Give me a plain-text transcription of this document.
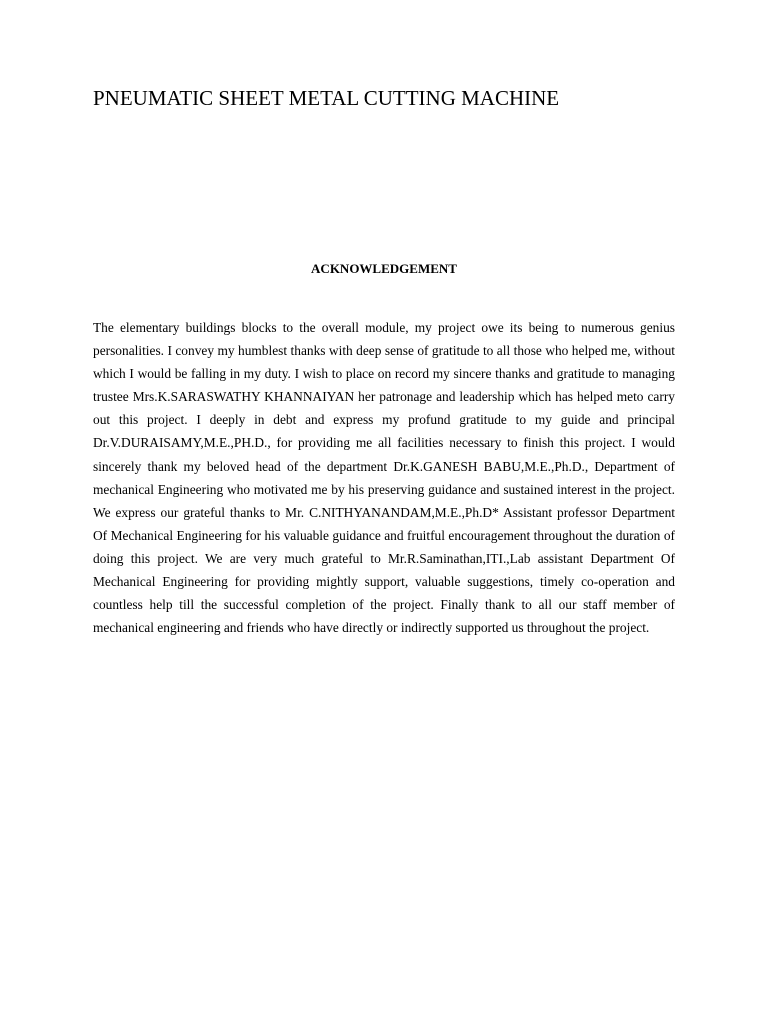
PNEUMATIC SHEET METAL CUTTING MACHINE
ACKNOWLEDGEMENT

The elementary buildings blocks to the overall module, my project owe its being to numerous genius personalities. I convey my humblest thanks with deep sense of gratitude to all those who helped me, without which I would be falling in my duty. I wish to place on record my sincere thanks and gratitude to managing trustee Mrs.K.SARASWATHY KHANNAIYAN her patronage and leadership which has helped meto carry out this project. I deeply in debt and express my profund gratitude to my guide and principal Dr.V.DURAISAMY,M.E.,PH.D., for providing me all facilities necessary to finish this project. I would sincerely thank my beloved head of the department Dr.K.GANESH BABU,M.E.,Ph.D., Department of mechanical Engineering who motivated me by his preserving guidance and sustained interest in the project. We express our grateful thanks to Mr. C.NITHYANANDAM,M.E.,Ph.D* Assistant professor Department Of Mechanical Engineering for his valuable guidance and fruitful encouragement throughout the duration of doing this project. We are very much grateful to Mr.R.Saminathan,ITI.,Lab assistant Department Of Mechanical Engineering for providing mightly support, valuable suggestions, timely co-operation and countless help till the successful completion of the project. Finally thank to all our staff member of mechanical engineering and friends who have directly or indirectly supported us throughout the project.
